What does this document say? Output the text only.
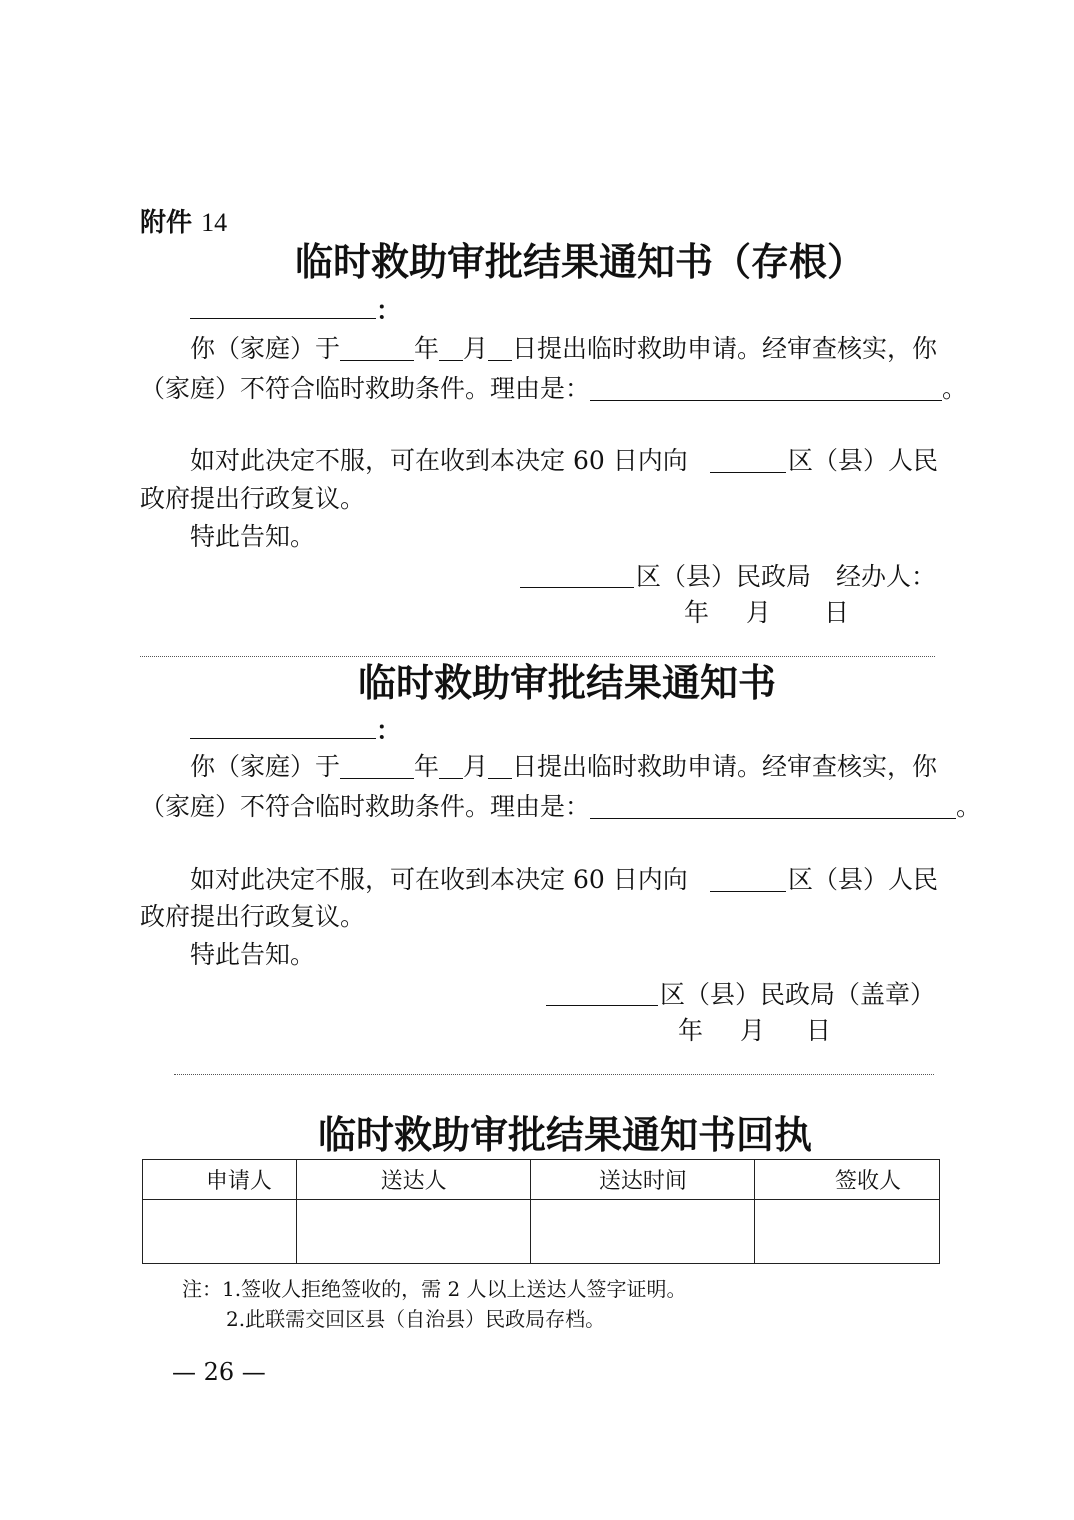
附件 14
临时救助审批结果通知书（存根）
：
你（家庭）于	年 月 日提出临时救助申请。经审查核实，你
（家庭）不符合临时救助条件。理由是：	。
如对此决定不服，可在收到本决定 60 日内向	区（县）人民
政府提出行政复议。
特此告知。
区（县）民政局　经办人：
年 月 日
临时救助审批结果通知书
：
你（家庭）于	年 月 日提出临时救助申请。经审查核实，你
（家庭）不符合临时救助条件。理由是：	。
如对此决定不服，可在收到本决定 60 日内向	区（县）人民
政府提出行政复议。
特此告知。
区（县）民政局（盖章）
年 月 日
临时救助审批结果通知书回执
申请人	送达人	送达时间	签收人

注：1.签收人拒绝签收的，需 2 人以上送达人签字证明。
2.此联需交回区县（自治县）民政局存档。
— 26 —
